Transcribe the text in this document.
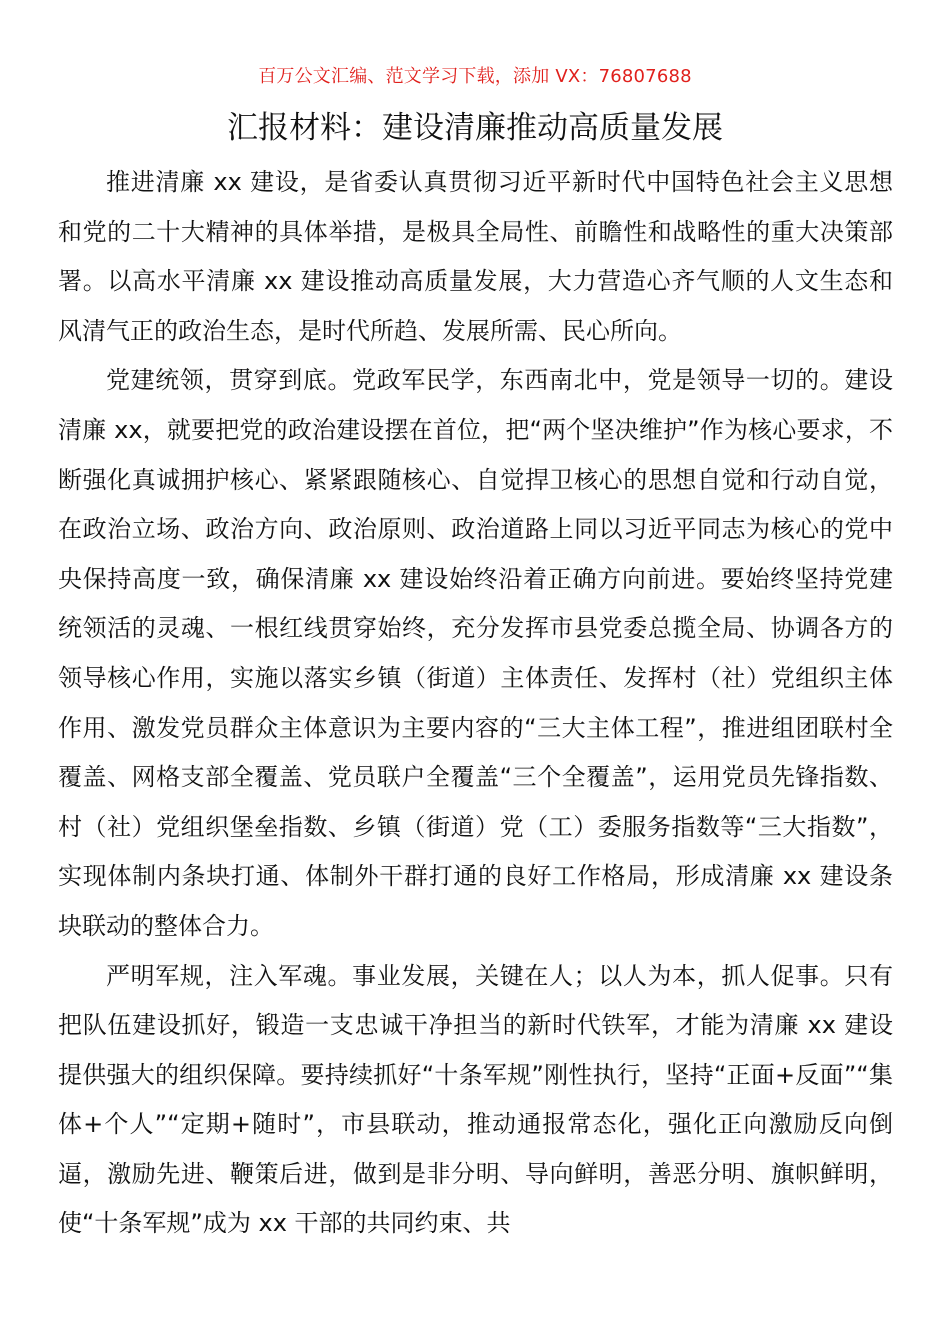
百万公文汇编、范文学习下载，添加 VX：76807688
汇报材料：建设清廉推动高质量发展

推进清廉 xx 建设，是省委认真贯彻习近平新时代中国特色社会主义思想和党的二十大精神的具体举措，是极具全局性、前瞻性和战略性的重大决策部署。以高水平清廉 xx 建设推动高质量发展，大力营造心齐气顺的人文生态和风清气正的政治生态，是时代所趋、发展所需、民心所向。

党建统领，贯穿到底。党政军民学，东西南北中，党是领导一切的。建设清廉 xx，就要把党的政治建设摆在首位，把“两个坚决维护”作为核心要求，不断强化真诚拥护核心、紧紧跟随核心、自觉捍卫核心的思想自觉和行动自觉，在政治立场、政治方向、政治原则、政治道路上同以习近平同志为核心的党中央保持高度一致，确保清廉 xx 建设始终沿着正确方向前进。要始终坚持党建统领活的灵魂、一根红线贯穿始终，充分发挥市县党委总揽全局、协调各方的领导核心作用，实施以落实乡镇（街道）主体责任、发挥村（社）党组织主体作用、激发党员群众主体意识为主要内容的“三大主体工程”，推进组团联村全覆盖、网格支部全覆盖、党员联户全覆盖“三个全覆盖”，运用党员先锋指数、村（社）党组织堡垒指数、乡镇（街道）党（工）委服务指数等“三大指数”，实现体制内条块打通、体制外干群打通的良好工作格局，形成清廉 xx 建设条块联动的整体合力。

严明军规，注入军魂。事业发展，关键在人；以人为本，抓人促事。只有把队伍建设抓好，锻造一支忠诚干净担当的新时代铁军，才能为清廉 xx 建设提供强大的组织保障。要持续抓好“十条军规”刚性执行，坚持“正面+反面”“集体+个人”“定期+随时”，市县联动，推动通报常态化，强化正向激励反向倒逼，激励先进、鞭策后进，做到是非分明、导向鲜明，善恶分明、旗帜鲜明，使“十条军规”成为 xx 干部的共同约束、共
